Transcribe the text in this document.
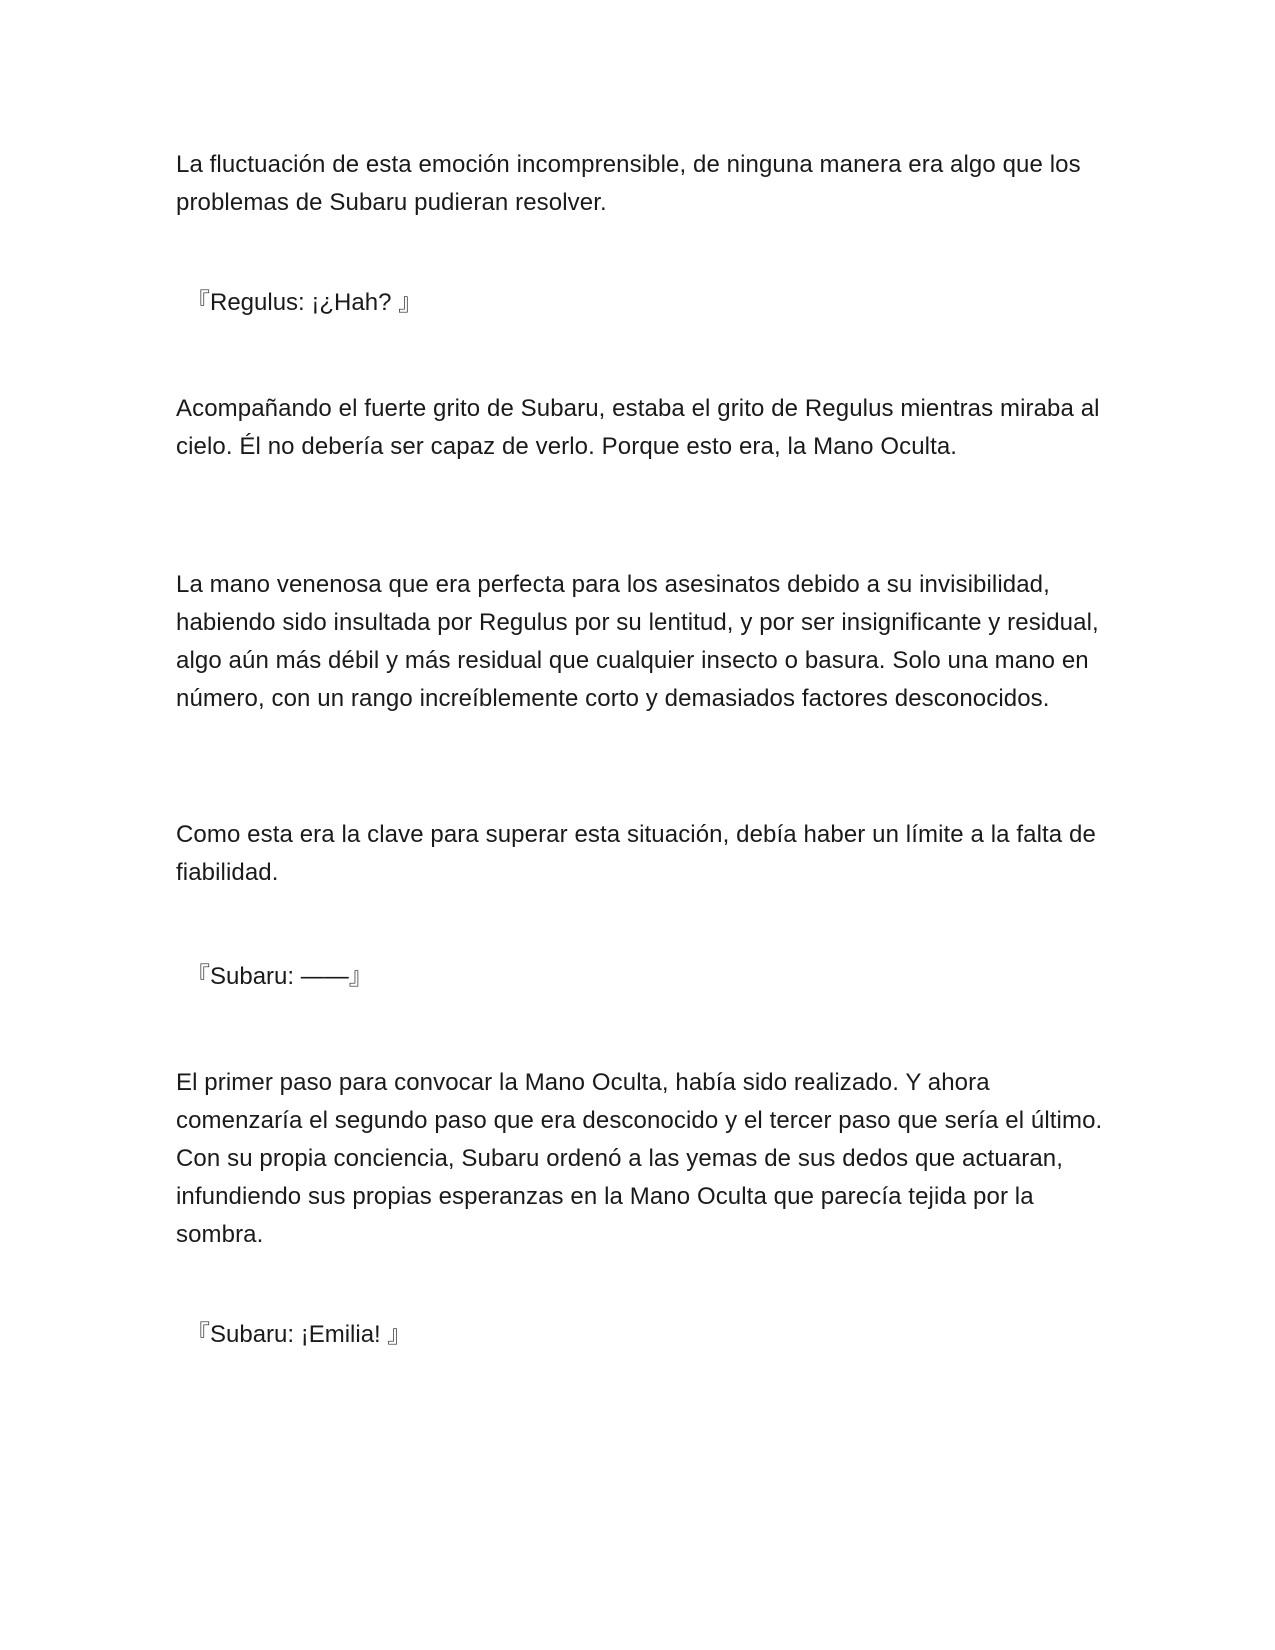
La fluctuación de esta emoción incomprensible, de ninguna manera era algo que los problemas de Subaru pudieran resolver.

『Regulus: ¡¿Hah? 』

Acompañando el fuerte grito de Subaru, estaba el grito de Regulus mientras miraba al cielo. Él no debería ser capaz de verlo. Porque esto era, la Mano Oculta.

La mano venenosa que era perfecta para los asesinatos debido a su invisibilidad, habiendo sido insultada por Regulus por su lentitud, y por ser insignificante y residual, algo aún más débil y más residual que cualquier insecto o basura. Solo una mano en número, con un rango increíblemente corto y demasiados factores desconocidos.

Como esta era la clave para superar esta situación, debía haber un límite a la falta de fiabilidad.

『Subaru: ——』

El primer paso para convocar la Mano Oculta, había sido realizado. Y ahora comenzaría el segundo paso que era desconocido y el tercer paso que sería el último. Con su propia conciencia, Subaru ordenó a las yemas de sus dedos que actuaran, infundiendo sus propias esperanzas en la Mano Oculta que parecía tejida por la sombra.

『Subaru: ¡Emilia! 』
